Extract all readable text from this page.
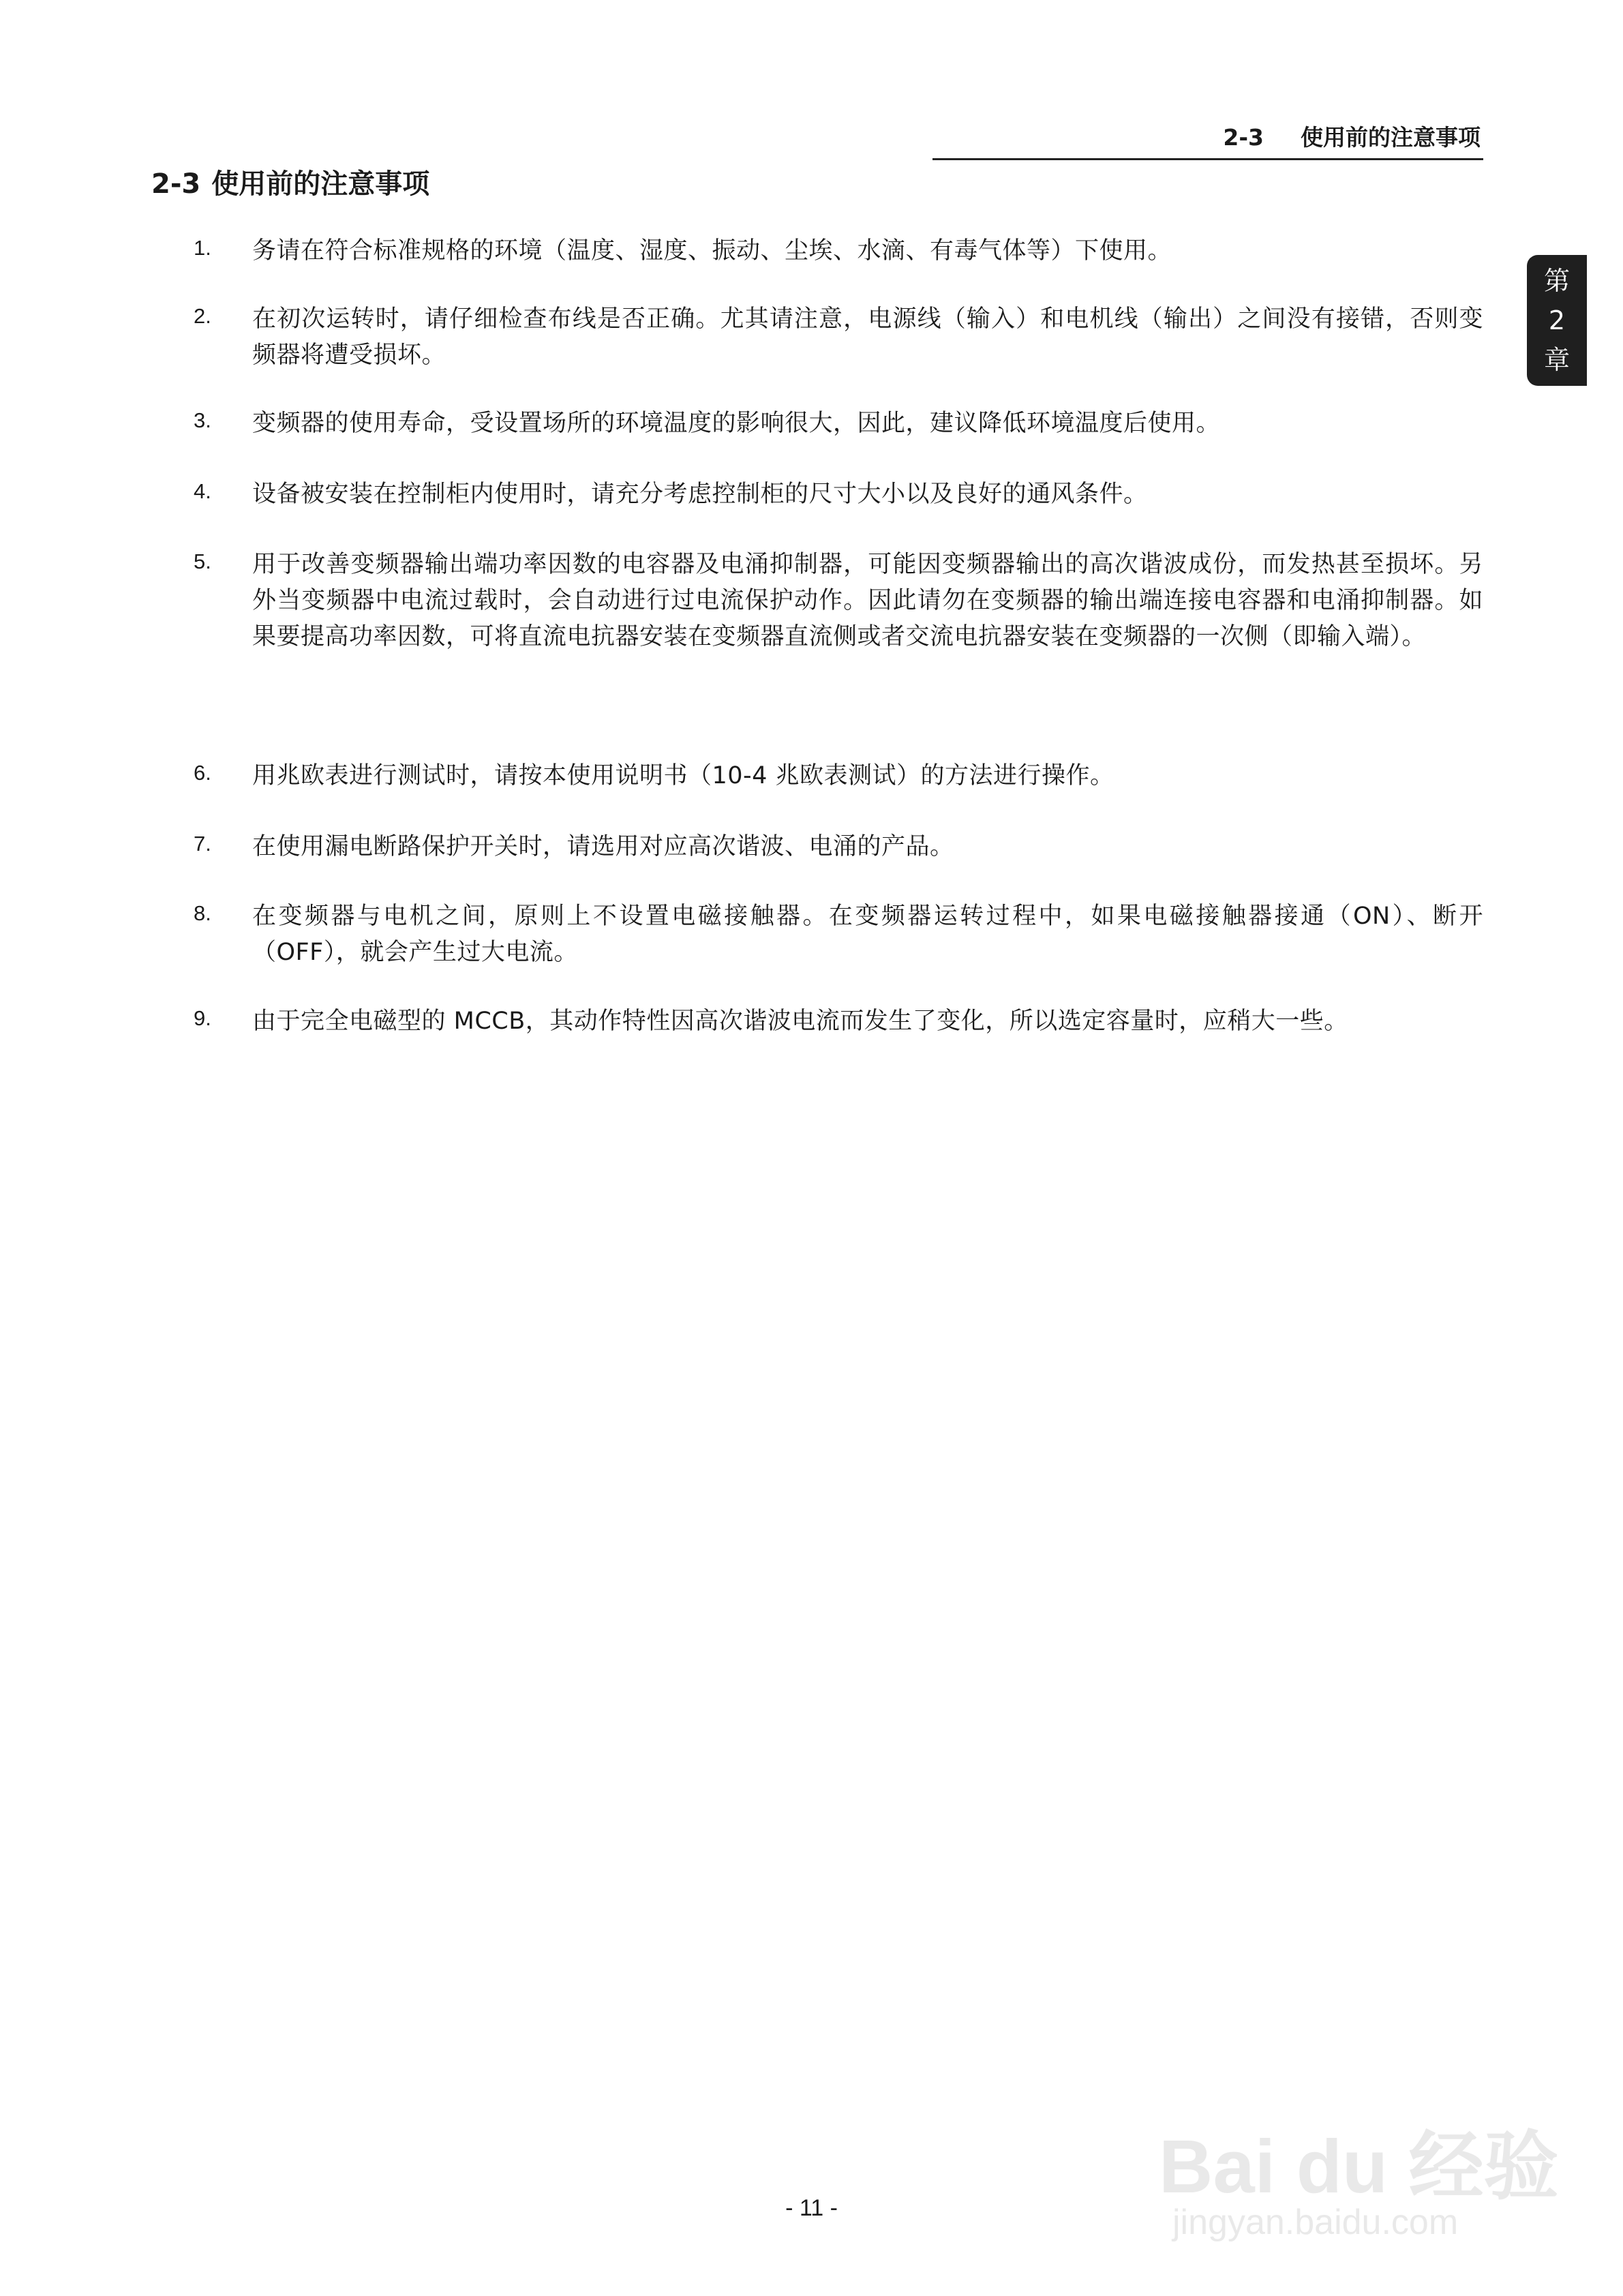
2-3 使用前的注意事项
第
2
章
2-3 使用前的注意事项
1. 务请在符合标准规格的环境（温度、湿度、振动、尘埃、水滴、有毒气体等）下使用。
2. 在初次运转时，请仔细检查布线是否正确。尤其请注意，电源线（输入）和电机线（输出）之间没有接错，否则变频器将遭受损坏。
3. 变频器的使用寿命，受设置场所的环境温度的影响很大，因此，建议降低环境温度后使用。
4. 设备被安装在控制柜内使用时，请充分考虑控制柜的尺寸大小以及良好的通风条件。
5. 用于改善变频器输出端功率因数的电容器及电涌抑制器，可能因变频器输出的高次谐波成份，而发热甚至损坏。另外当变频器中电流过载时，会自动进行过电流保护动作。因此请勿在变频器的输出端连接电容器和电涌抑制器。如果要提高功率因数，可将直流电抗器安装在变频器直流侧或者交流电抗器安装在变频器的一次侧（即输入端）。
6. 用兆欧表进行测试时，请按本使用说明书（10-4 兆欧表测试）的方法进行操作。
7. 在使用漏电断路保护开关时，请选用对应高次谐波、电涌的产品。
8. 在变频器与电机之间，原则上不设置电磁接触器。在变频器运转过程中，如果电磁接触器接通（ON）、断开（OFF），就会产生过大电流。
9. 由于完全电磁型的 MCCB，其动作特性因高次谐波电流而发生了变化，所以选定容量时，应稍大一些。
Bai du 经验
jingyan.baidu.com
- 11 -
